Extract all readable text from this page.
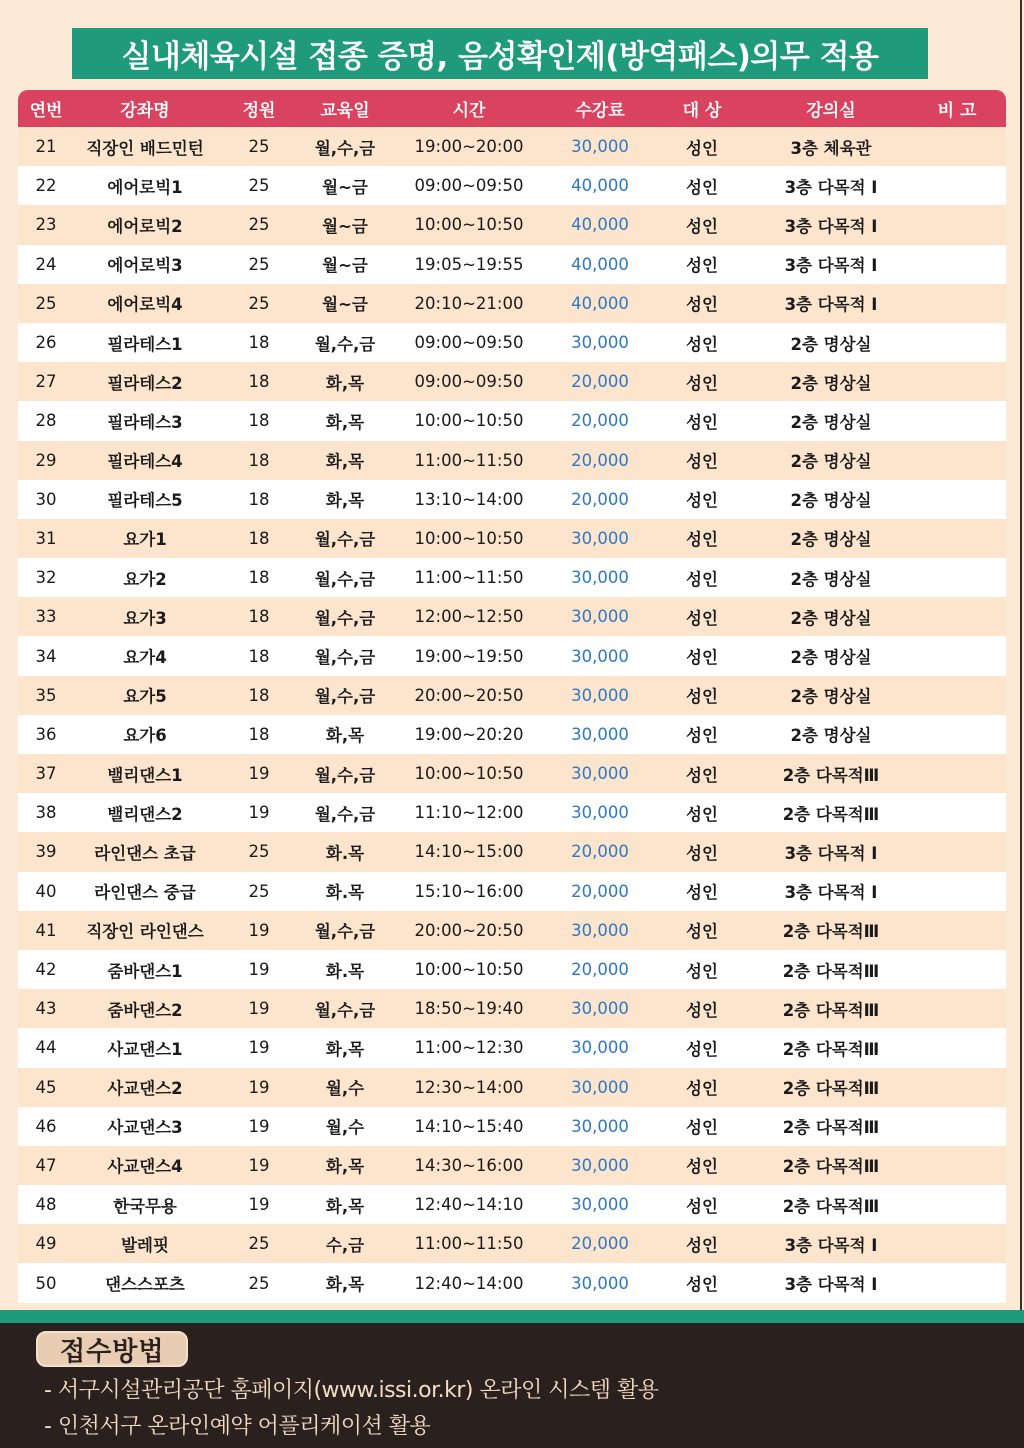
실내체육시설 접종 증명, 음성확인제(방역패스)의무 적용
연번	강좌명	정원	교육일	시간	수강료	대 상	강의실	비 고
21	직장인 배드민턴	25	월,수,금	19:00~20:00	30,000	성인	3층 체육관
22	에어로빅1	25	월~금	09:00~09:50	40,000	성인	3층 다목적 I
23	에어로빅2	25	월~금	10:00~10:50	40,000	성인	3층 다목적 I
24	에어로빅3	25	월~금	19:05~19:55	40,000	성인	3층 다목적 I
25	에어로빅4	25	월~금	20:10~21:00	40,000	성인	3층 다목적 I
26	필라테스1	18	월,수,금	09:00~09:50	30,000	성인	2층 명상실
27	필라테스2	18	화,목	09:00~09:50	20,000	성인	2층 명상실
28	필라테스3	18	화,목	10:00~10:50	20,000	성인	2층 명상실
29	필라테스4	18	화,목	11:00~11:50	20,000	성인	2층 명상실
30	필라테스5	18	화,목	13:10~14:00	20,000	성인	2층 명상실
31	요가1	18	월,수,금	10:00~10:50	30,000	성인	2층 명상실
32	요가2	18	월,수,금	11:00~11:50	30,000	성인	2층 명상실
33	요가3	18	월,수,금	12:00~12:50	30,000	성인	2층 명상실
34	요가4	18	월,수,금	19:00~19:50	30,000	성인	2층 명상실
35	요가5	18	월,수,금	20:00~20:50	30,000	성인	2층 명상실
36	요가6	18	화,목	19:00~20:20	30,000	성인	2층 명상실
37	밸리댄스1	19	월,수,금	10:00~10:50	30,000	성인	2층 다목적Ⅲ
38	밸리댄스2	19	월,수,금	11:10~12:00	30,000	성인	2층 다목적Ⅲ
39	라인댄스 초급	25	화.목	14:10~15:00	20,000	성인	3층 다목적 I
40	라인댄스 중급	25	화.목	15:10~16:00	20,000	성인	3층 다목적 I
41	직장인 라인댄스	19	월,수,금	20:00~20:50	30,000	성인	2층 다목적Ⅲ
42	줌바댄스1	19	화.목	10:00~10:50	20,000	성인	2층 다목적Ⅲ
43	줌바댄스2	19	월,수,금	18:50~19:40	30,000	성인	2층 다목적Ⅲ
44	사교댄스1	19	화,목	11:00~12:30	30,000	성인	2층 다목적Ⅲ
45	사교댄스2	19	월,수	12:30~14:00	30,000	성인	2층 다목적Ⅲ
46	사교댄스3	19	월,수	14:10~15:40	30,000	성인	2층 다목적Ⅲ
47	사교댄스4	19	화,목	14:30~16:00	30,000	성인	2층 다목적Ⅲ
48	한국무용	19	화,목	12:40~14:10	30,000	성인	2층 다목적Ⅲ
49	발레핏	25	수,금	11:00~11:50	20,000	성인	3층 다목적 I
50	댄스스포츠	25	화,목	12:40~14:00	30,000	성인	3층 다목적 I
접수방법
- 서구시설관리공단 홈페이지(www.issi.or.kr) 온라인 시스템 활용
- 인천서구 온라인예약 어플리케이션 활용
